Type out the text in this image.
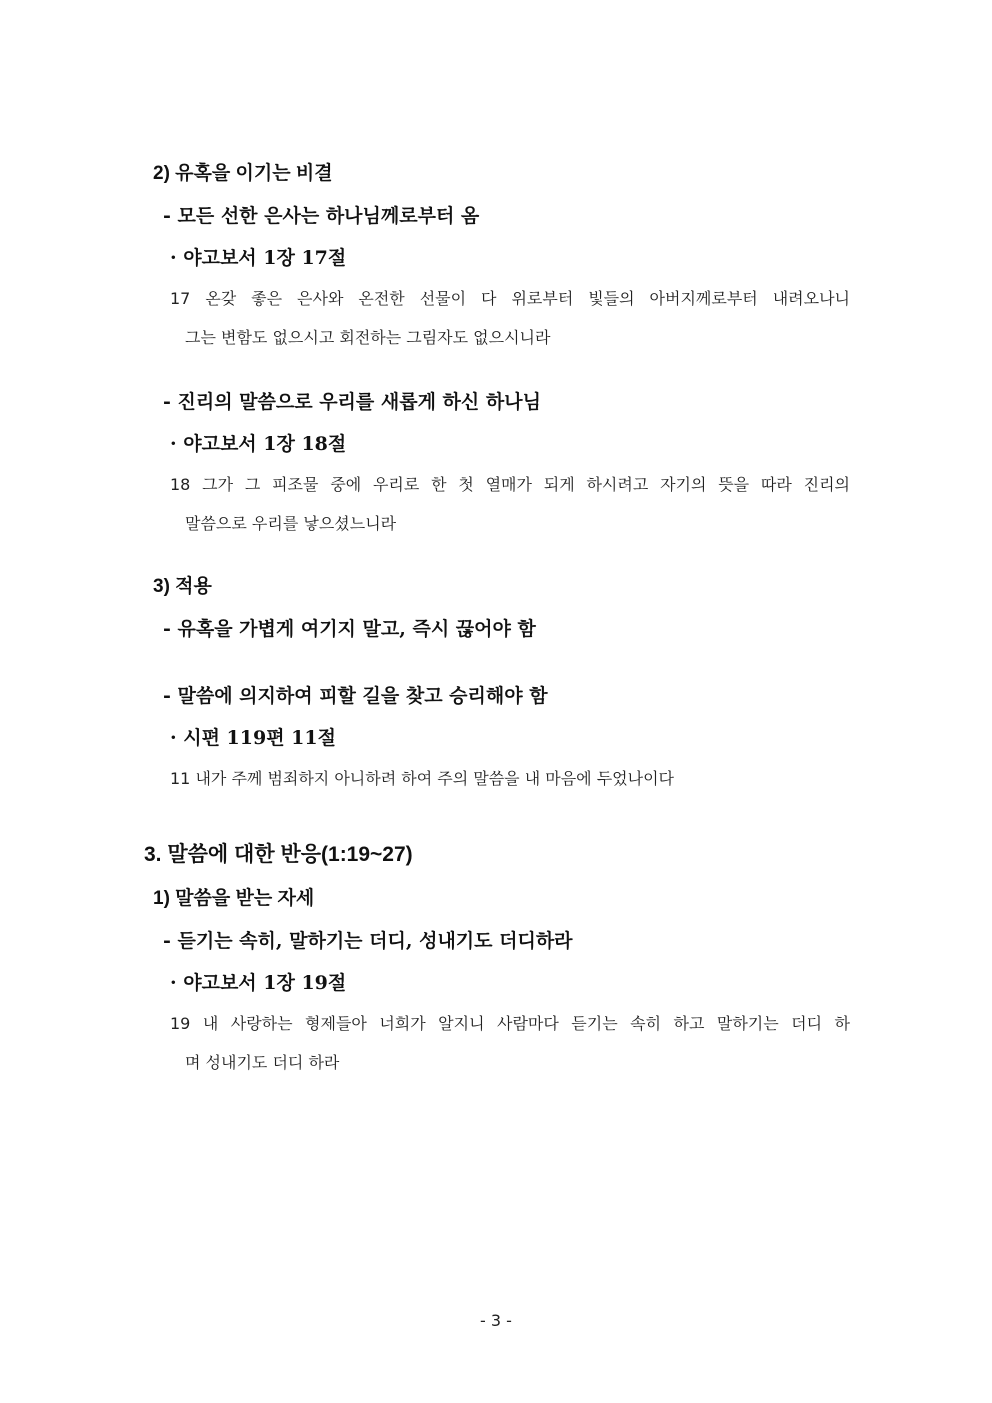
2) 유혹을 이기는 비결
- 모든 선한 은사는 하나님께로부터 옴
· 야고보서 1장 17절
17 온갖 좋은 은사와 온전한 선물이 다 위로부터 빛들의 아버지께로부터 내려오나니
그는 변함도 없으시고 회전하는 그림자도 없으시니라
- 진리의 말씀으로 우리를 새롭게 하신 하나님
· 야고보서 1장 18절
18 그가 그 피조물 중에 우리로 한 첫 열매가 되게 하시려고 자기의 뜻을 따라 진리의
말씀으로 우리를 낳으셨느니라
3) 적용
- 유혹을 가볍게 여기지 말고, 즉시 끊어야 함
- 말씀에 의지하여 피할 길을 찾고 승리해야 함
· 시편 119편 11절
11 내가 주께 범죄하지 아니하려 하여 주의 말씀을 내 마음에 두었나이다
3. 말씀에 대한 반응(1:19~27)
1) 말씀을 받는 자세
- 듣기는 속히, 말하기는 더디, 성내기도 더디하라
· 야고보서 1장 19절
19 내 사랑하는 형제들아 너희가 알지니 사람마다 듣기는 속히 하고 말하기는 더디 하
며 성내기도 더디 하라
- 3 -
